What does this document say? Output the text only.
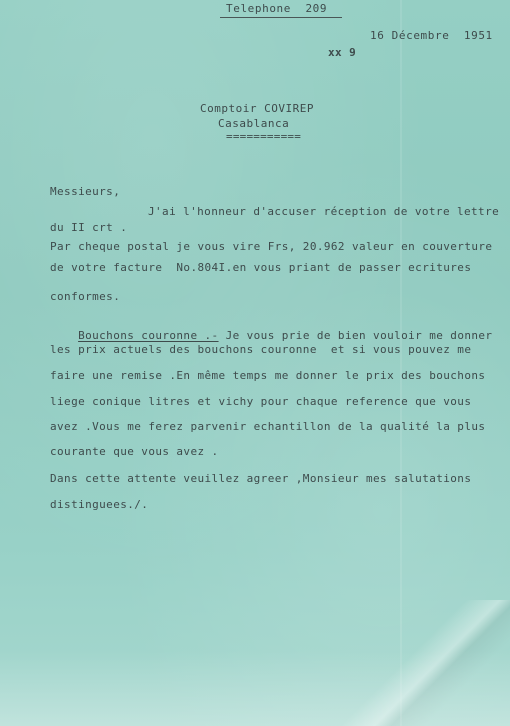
Telephone  209
16 Décembre  1951
xx 9
Comptoir COVIREP
Casablanca
===========
Messieurs,
J'ai l'honneur d'accuser réception de votre lettre
du II crt .
Par cheque postal je vous vire Frs, 20.962 valeur en couverture
de votre facture  No.804I.en vous priant de passer ecritures
conformes.

Bouchons couronne .- Je vous prie de bien vouloir me donner

les prix actuels des bouchons couronne  et si vous pouvez me
faire une remise .En même temps me donner le prix des bouchons
liege conique litres et vichy pour chaque reference que vous
avez .Vous me ferez parvenir echantillon de la qualité la plus
courante que vous avez .
Dans cette attente veuillez agreer ,Monsieur mes salutations
distinguees./.
